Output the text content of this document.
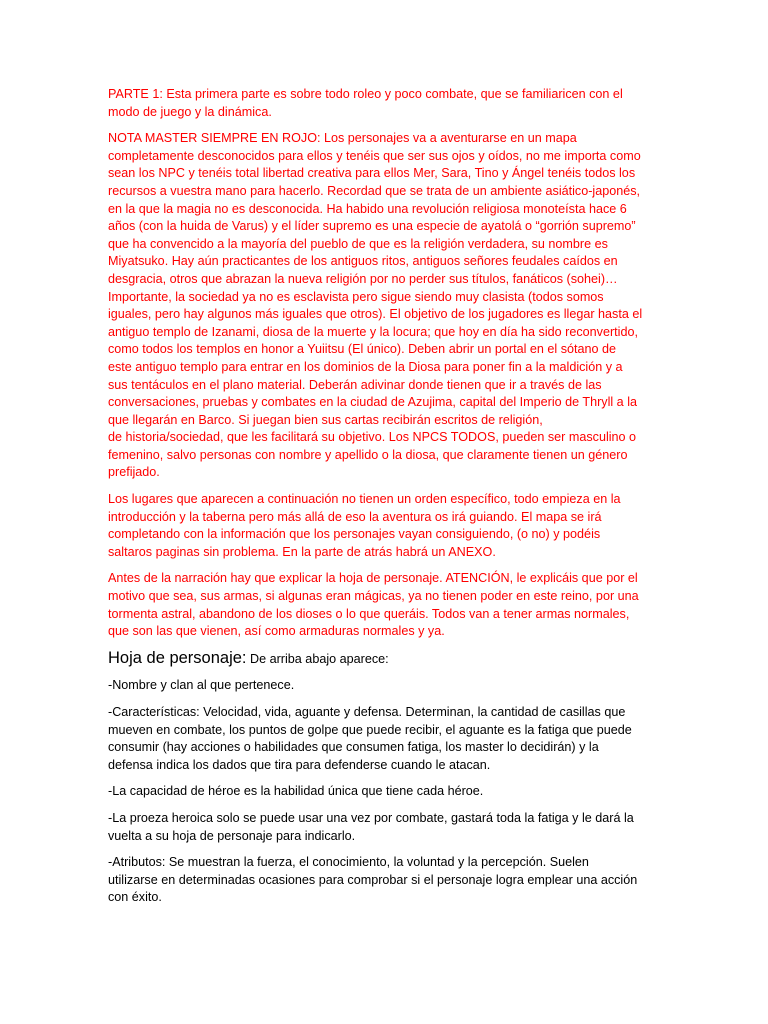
PARTE 1: Esta primera parte es sobre todo roleo y poco combate, que se familiaricen con el
modo de juego y la dinámica.

NOTA MASTER SIEMPRE EN ROJO: Los personajes va a aventurarse en un mapa
completamente desconocidos para ellos y tenéis que ser sus ojos y oídos, no me importa como
sean los NPC y tenéis total libertad creativa para ellos Mer, Sara, Tino y Ángel tenéis todos los
recursos a vuestra mano para hacerlo. Recordad que se trata de un ambiente asiático-japonés,
en la que la magia no es desconocida. Ha habido una revolución religiosa monoteísta hace 6
años (con la huida de Varus) y el líder supremo es una especie de ayatolá o “gorrión supremo”
que ha convencido a la mayoría del pueblo de que es la religión verdadera, su nombre es
Miyatsuko. Hay aún practicantes de los antiguos ritos, antiguos señores feudales caídos en
desgracia, otros que abrazan la nueva religión por no perder sus títulos, fanáticos (sohei)…
Importante, la sociedad ya no es esclavista pero sigue siendo muy clasista (todos somos
iguales, pero hay algunos más iguales que otros). El objetivo de los jugadores es llegar hasta el
antiguo templo de Izanami, diosa de la muerte y la locura; que hoy en día ha sido reconvertido,
como todos los templos en honor a Yuiitsu (El único). Deben abrir un portal en el sótano de
este antiguo templo para entrar en los dominios de la Diosa para poner fin a la maldición y a
sus tentáculos en el plano material. Deberán adivinar donde tienen que ir a través de las
conversaciones, pruebas y combates en la ciudad de Azujima, capital del Imperio de Thryll a la
que llegarán en Barco. Si juegan bien sus cartas recibirán escritos de religión,
de historia/sociedad, que les facilitará su objetivo. Los NPCS TODOS, pueden ser masculino o
femenino, salvo personas con nombre y apellido o la diosa, que claramente tienen un género
prefijado.

Los lugares que aparecen a continuación no tienen un orden específico, todo empieza en la
introducción y la taberna pero más allá de eso la aventura os irá guiando. El mapa se irá
completando con la información que los personajes vayan consiguiendo, (o no) y podéis
saltaros paginas sin problema. En la parte de atrás habrá un ANEXO.

Antes de la narración hay que explicar la hoja de personaje. ATENCIÓN, le explicáis que por el
motivo que sea, sus armas, si algunas eran mágicas, ya no tienen poder en este reino, por una
tormenta astral, abandono de los dioses o lo que queráis. Todos van a tener armas normales,
que son las que vienen, así como armaduras normales y ya.

Hoja de personaje: De arriba abajo aparece:

-Nombre y clan al que pertenece.

-Características: Velocidad, vida, aguante y defensa. Determinan, la cantidad de casillas que
mueven en combate, los puntos de golpe que puede recibir, el aguante es la fatiga que puede
consumir (hay acciones o habilidades que consumen fatiga, los master lo decidirán) y la
defensa indica los dados que tira para defenderse cuando le atacan.

-La capacidad de héroe es la habilidad única que tiene cada héroe.

-La proeza heroica solo se puede usar una vez por combate, gastará toda la fatiga y le dará la
vuelta a su hoja de personaje para indicarlo.

-Atributos: Se muestran la fuerza, el conocimiento, la voluntad y la percepción. Suelen
utilizarse en determinadas ocasiones para comprobar si el personaje logra emplear una acción
con éxito.
